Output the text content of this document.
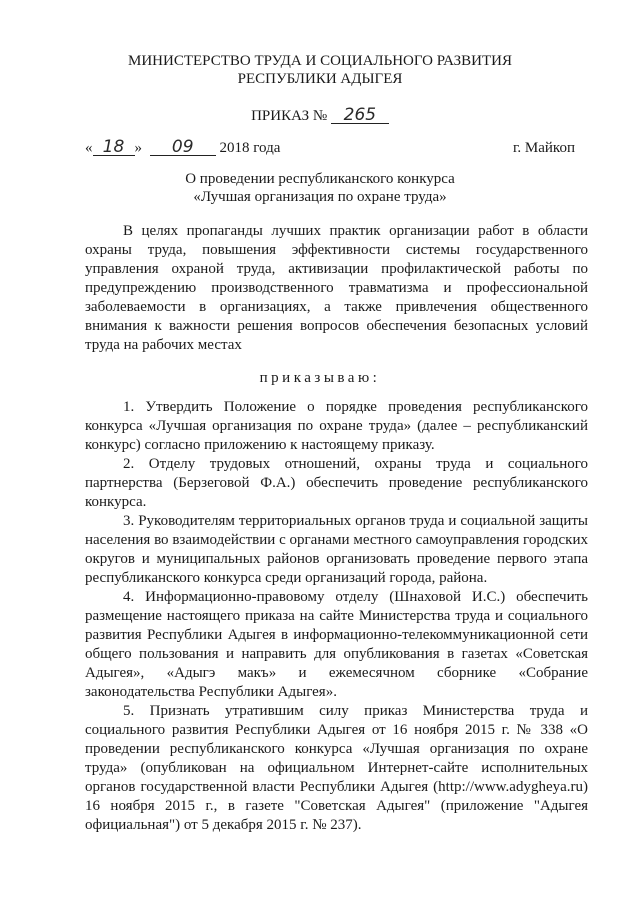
МИНИСТЕРСТВО ТРУДА И СОЦИАЛЬНОГО РАЗВИТИЯ
РЕСПУБЛИКИ АДЫГЕЯ
ПРИКАЗ № 265
« 18 » 09 2018 года	г. Майкоп
О проведении республиканского конкурса
«Лучшая организация по охране труда»
В целях пропаганды лучших практик организации работ в области охраны труда, повышения эффективности системы государственного управления охраной труда, активизации профилактической работы по предупреждению производственного травматизма и профессиональной заболеваемости в организациях, а также привлечения общественного внимания к важности решения вопросов обеспечения безопасных условий труда на рабочих местах
приказываю:

1. Утвердить Положение о порядке проведения республиканского конкурса «Лучшая организация по охране труда» (далее – республиканский конкурс) согласно приложению к настоящему приказу.

2. Отделу трудовых отношений, охраны труда и социального партнерства (Берзеговой Ф.А.) обеспечить проведение республиканского конкурса.

3. Руководителям территориальных органов труда и социальной защиты населения во взаимодействии с органами местного самоуправления городских округов и муниципальных районов организовать проведение первого этапа республиканского конкурса среди организаций города, района.

4. Информационно-правовому отделу (Шнаховой И.С.) обеспечить размещение настоящего приказа на сайте Министерства труда и социального развития Республики Адыгея в информационно-телекоммуникационной сети общего пользования и направить для опубликования в газетах «Советская Адыгея», «Адыгэ макъ» и ежемесячном сборнике «Собрание законодательства Республики Адыгея».

5. Признать утратившим силу приказ Министерства труда и социального развития Республики Адыгея от 16 ноября 2015 г. № 338 «О проведении республиканского конкурса «Лучшая организация по охране труда» (опубликован на официальном Интернет-сайте исполнительных органов государственной власти Республики Адыгея (http://www.adygheya.ru) 16 ноября 2015 г., в газете "Советская Адыгея" (приложение "Адыгея официальная") от 5 декабря 2015 г. № 237).
